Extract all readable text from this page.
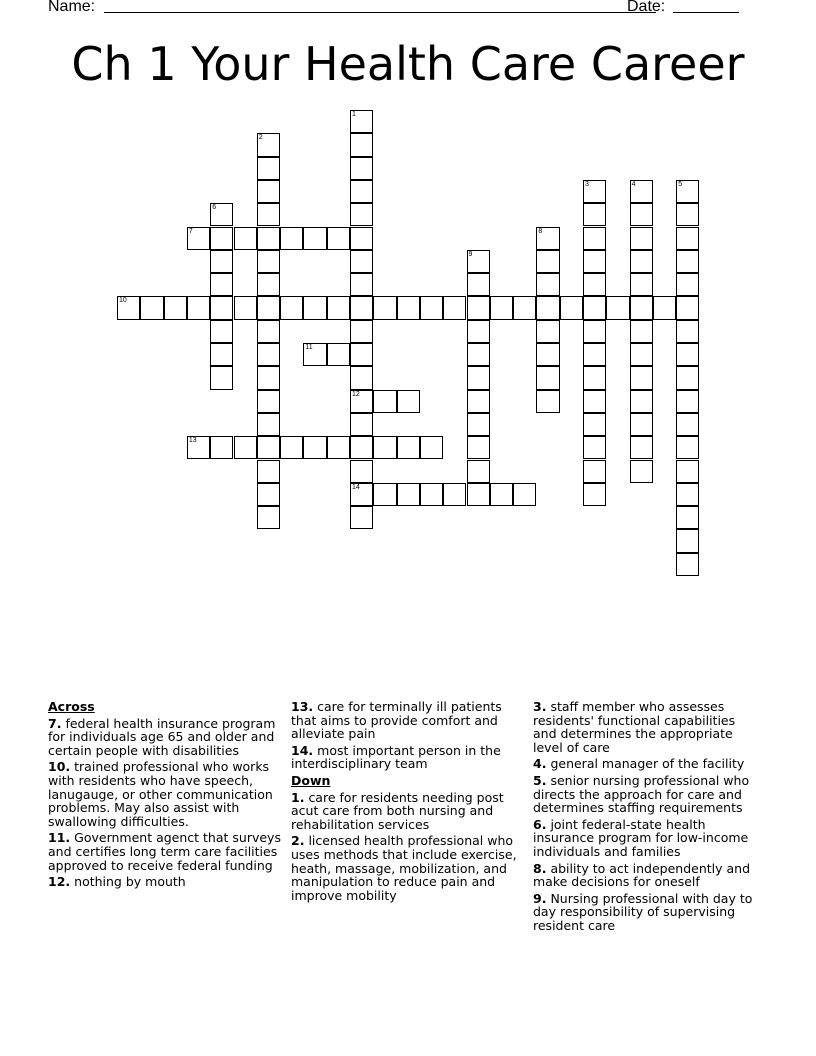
Name:	Date:
Ch 1 Your Health Care Career
1
12
14
2
3	4	5
6
7	8
9
10
11
13
Across
7. federal health insurance program for individuals age 65 and older and certain people with disabilities
10. trained professional who works with residents who have speech, lanugauge, or other communication problems. May also assist with swallowing difficulties.
11. Government agenct that surveys and certifies long term care facilities approved to receive federal funding
12. nothing by mouth
13. care for terminally ill patients that aims to provide comfort and alleviate pain
14. most important person in the interdisciplinary team
Down
1. care for residents needing post acut care from both nursing and rehabilitation services
2. licensed health professional who uses methods that include exercise, heath, massage, mobilization, and manipulation to reduce pain and improve mobility
3. staff member who assesses residents' functional capabilities and determines the appropriate level of care
4. general manager of the facility
5. senior nursing professional who directs the approach for care and determines staffing requirements
6. joint federal-state health insurance program for low-income individuals and families
8. ability to act independently and make decisions for oneself
9. Nursing professional with day to day responsibility of supervising resident care
